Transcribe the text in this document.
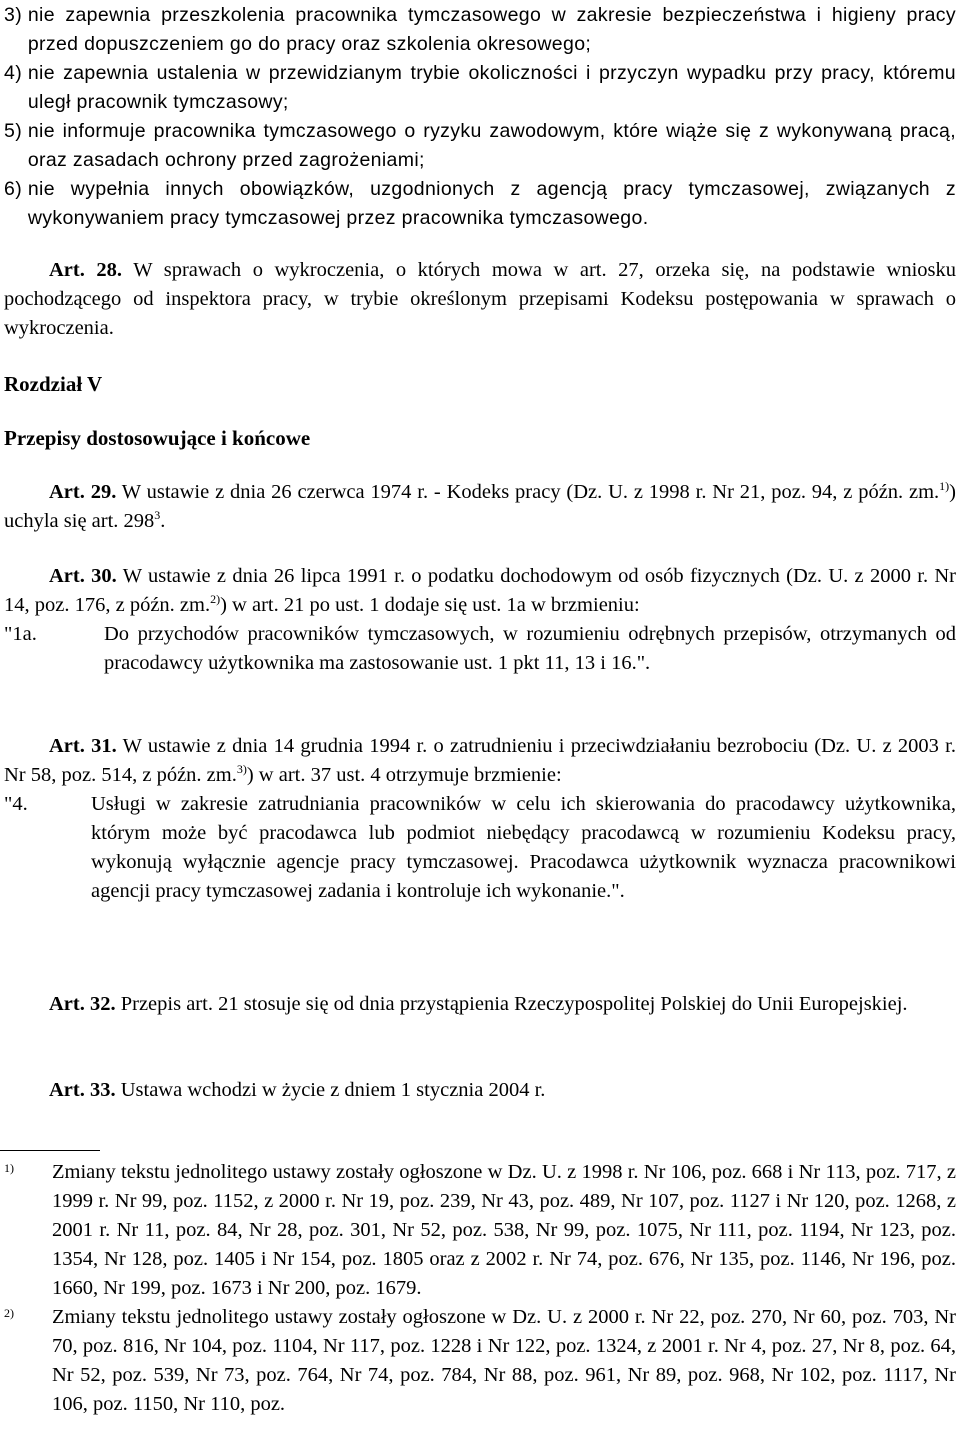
3) nie zapewnia przeszkolenia pracownika tymczasowego w zakresie bezpieczeństwa i higieny pracy przed dopuszczeniem go do pracy oraz szkolenia okresowego;
4) nie zapewnia ustalenia w przewidzianym trybie okoliczności i przyczyn wypadku przy pracy, któremu uległ pracownik tymczasowy;
5) nie informuje pracownika tymczasowego o ryzyku zawodowym, które wiąże się z wykonywaną pracą, oraz zasadach ochrony przed zagrożeniami;
6) nie wypełnia innych obowiązków, uzgodnionych z agencją pracy tymczasowej, związanych z wykonywaniem pracy tymczasowej przez pracownika tymczasowego.
Art. 28. W sprawach o wykroczenia, o których mowa w art. 27, orzeka się, na podstawie wniosku pochodzącego od inspektora pracy, w trybie określonym przepisami Kodeksu postępowania w sprawach o wykroczenia.
Rozdział V
Przepisy dostosowujące i końcowe
Art. 29. W ustawie z dnia 26 czerwca 1974 r. - Kodeks pracy (Dz. U. z 1998 r. Nr 21, poz. 94, z późn. zm.$^{1)}$) uchyla się art. $298^3$.
Art. 30. W ustawie z dnia 26 lipca 1991 r. o podatku dochodowym od osób fizycznych (Dz. U. z 2000 r. Nr 14, poz. 176, z późn. zm.$^{2)}$) w art. 21 po ust. 1 dodaje się ust. 1a w brzmieniu:
"1a.	Do przychodów pracowników tymczasowych, w rozumieniu odrębnych przepisów, otrzymanych od pracodawcy użytkownika ma zastosowanie ust. 1 pkt 11, 13 i 16.".
Art. 31. W ustawie z dnia 14 grudnia 1994 r. o zatrudnieniu i przeciwdziałaniu bezrobociu (Dz. U. z 2003 r. Nr 58, poz. 514, z późn. zm.$^{3)}$) w art. 37 ust. 4 otrzymuje brzmienie:
"4.	Usługi w zakresie zatrudniania pracowników w celu ich skierowania do pracodawcy użytkownika, którym może być pracodawca lub podmiot niebędący pracodawcą w rozumieniu Kodeksu pracy, wykonują wyłącznie agencje pracy tymczasowej. Pracodawca użytkownik wyznacza pracownikowi agencji pracy tymczasowej zadania i kontroluje ich wykonanie.".
Art. 32. Przepis art. 21 stosuje się od dnia przystąpienia Rzeczypospolitej Polskiej do Unii Europejskiej.
Art. 33. Ustawa wchodzi w życie z dniem 1 stycznia 2004 r.
1)	Zmiany tekstu jednolitego ustawy zostały ogłoszone w Dz. U. z 1998 r. Nr 106, poz. 668 i Nr 113, poz. 717, z 1999 r. Nr 99, poz. 1152, z 2000 r. Nr 19, poz. 239, Nr 43, poz. 489, Nr 107, poz. 1127 i Nr 120, poz. 1268, z 2001 r. Nr 11, poz. 84, Nr 28, poz. 301, Nr 52, poz. 538, Nr 99, poz. 1075, Nr 111, poz. 1194, Nr 123, poz. 1354, Nr 128, poz. 1405 i Nr 154, poz. 1805 oraz z 2002 r. Nr 74, poz. 676, Nr 135, poz. 1146, Nr 196, poz. 1660, Nr 199, poz. 1673 i Nr 200, poz. 1679.
2)	Zmiany tekstu jednolitego ustawy zostały ogłoszone w Dz. U. z 2000 r. Nr 22, poz. 270, Nr 60, poz. 703, Nr 70, poz. 816, Nr 104, poz. 1104, Nr 117, poz. 1228 i Nr 122, poz. 1324, z 2001 r. Nr 4, poz. 27, Nr 8, poz. 64, Nr 52, poz. 539, Nr 73, poz. 764, Nr 74, poz. 784, Nr 88, poz. 961, Nr 89, poz. 968, Nr 102, poz. 1117, Nr 106, poz. 1150, Nr 110, poz.
